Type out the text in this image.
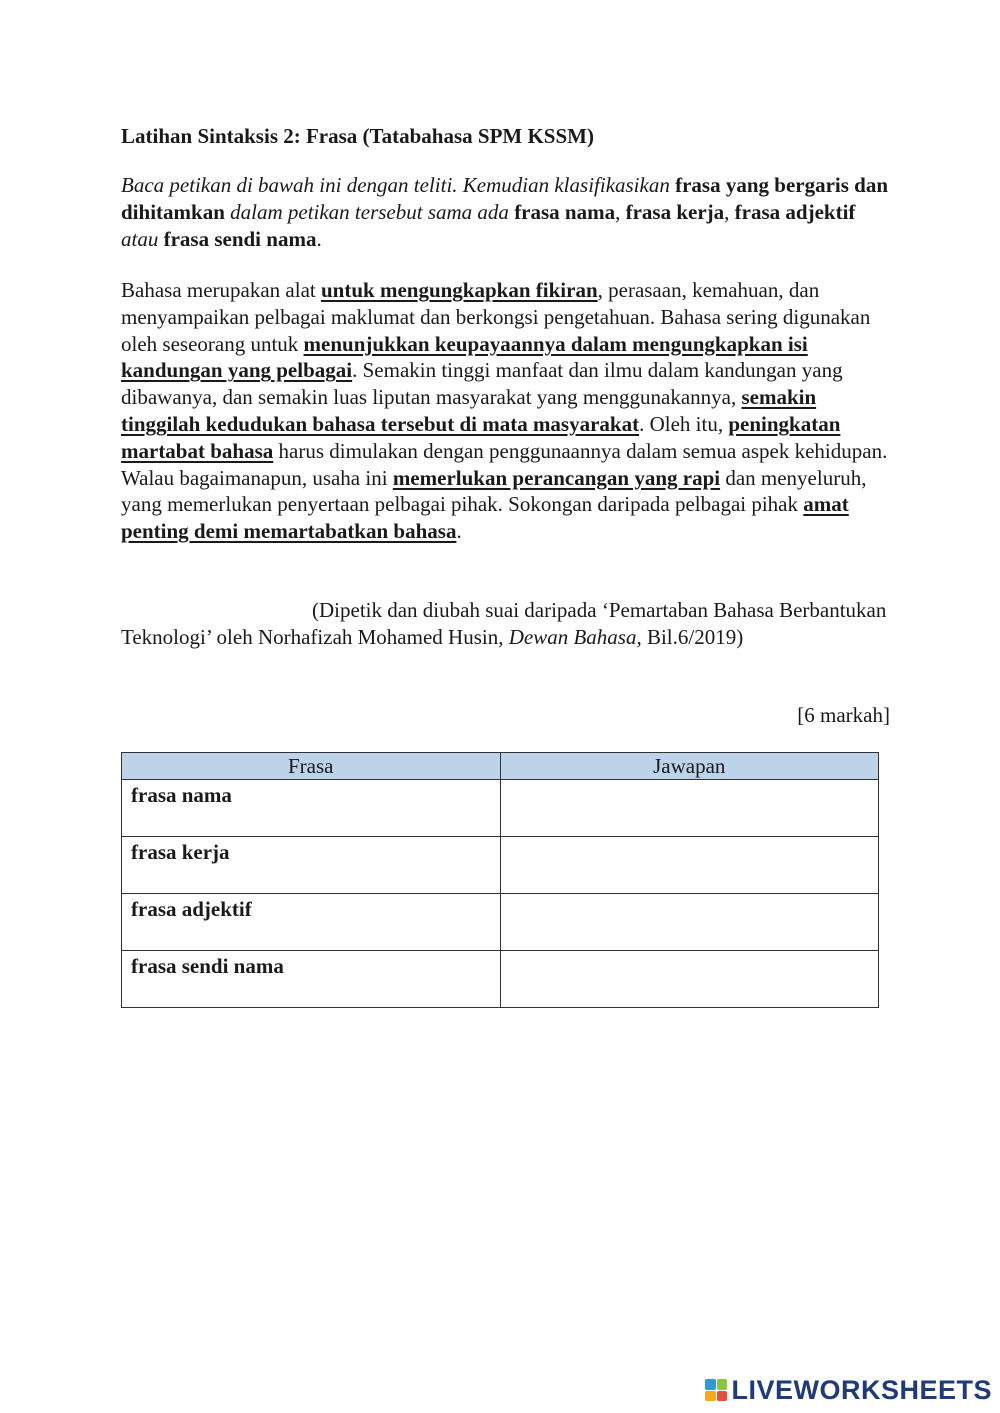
Latihan Sintaksis 2: Frasa (Tatabahasa SPM KSSM)
Baca petikan di bawah ini dengan teliti. Kemudian klasifikasikan frasa yang bergaris dan dihitamkan dalam petikan tersebut sama ada frasa nama, frasa kerja, frasa adjektif atau frasa sendi nama.
Bahasa merupakan alat untuk mengungkapkan fikiran, perasaan, kemahuan, dan menyampaikan pelbagai maklumat dan berkongsi pengetahuan. Bahasa sering digunakan oleh seseorang untuk menunjukkan keupayaannya dalam mengungkapkan isi kandungan yang pelbagai. Semakin tinggi manfaat dan ilmu dalam kandungan yang dibawanya, dan semakin luas liputan masyarakat yang menggunakannya, semakin tinggilah kedudukan bahasa tersebut di mata masyarakat. Oleh itu, peningkatan martabat bahasa harus dimulakan dengan penggunaannya dalam semua aspek kehidupan. Walau bagaimanapun, usaha ini memerlukan perancangan yang rapi dan menyeluruh, yang memerlukan penyertaan pelbagai pihak. Sokongan daripada pelbagai pihak amat penting demi memartabatkan bahasa.
(Dipetik dan diubah suai daripada ‘Pemartaban Bahasa Berbantukan Teknologi’ oleh Norhafizah Mohamed Husin, Dewan Bahasa, Bil.6/2019)
[6 markah]
Frasa	Jawapan
frasa nama	
frasa kerja	
frasa adjektif	
frasa sendi nama	
LIVEWORKSHEETS
